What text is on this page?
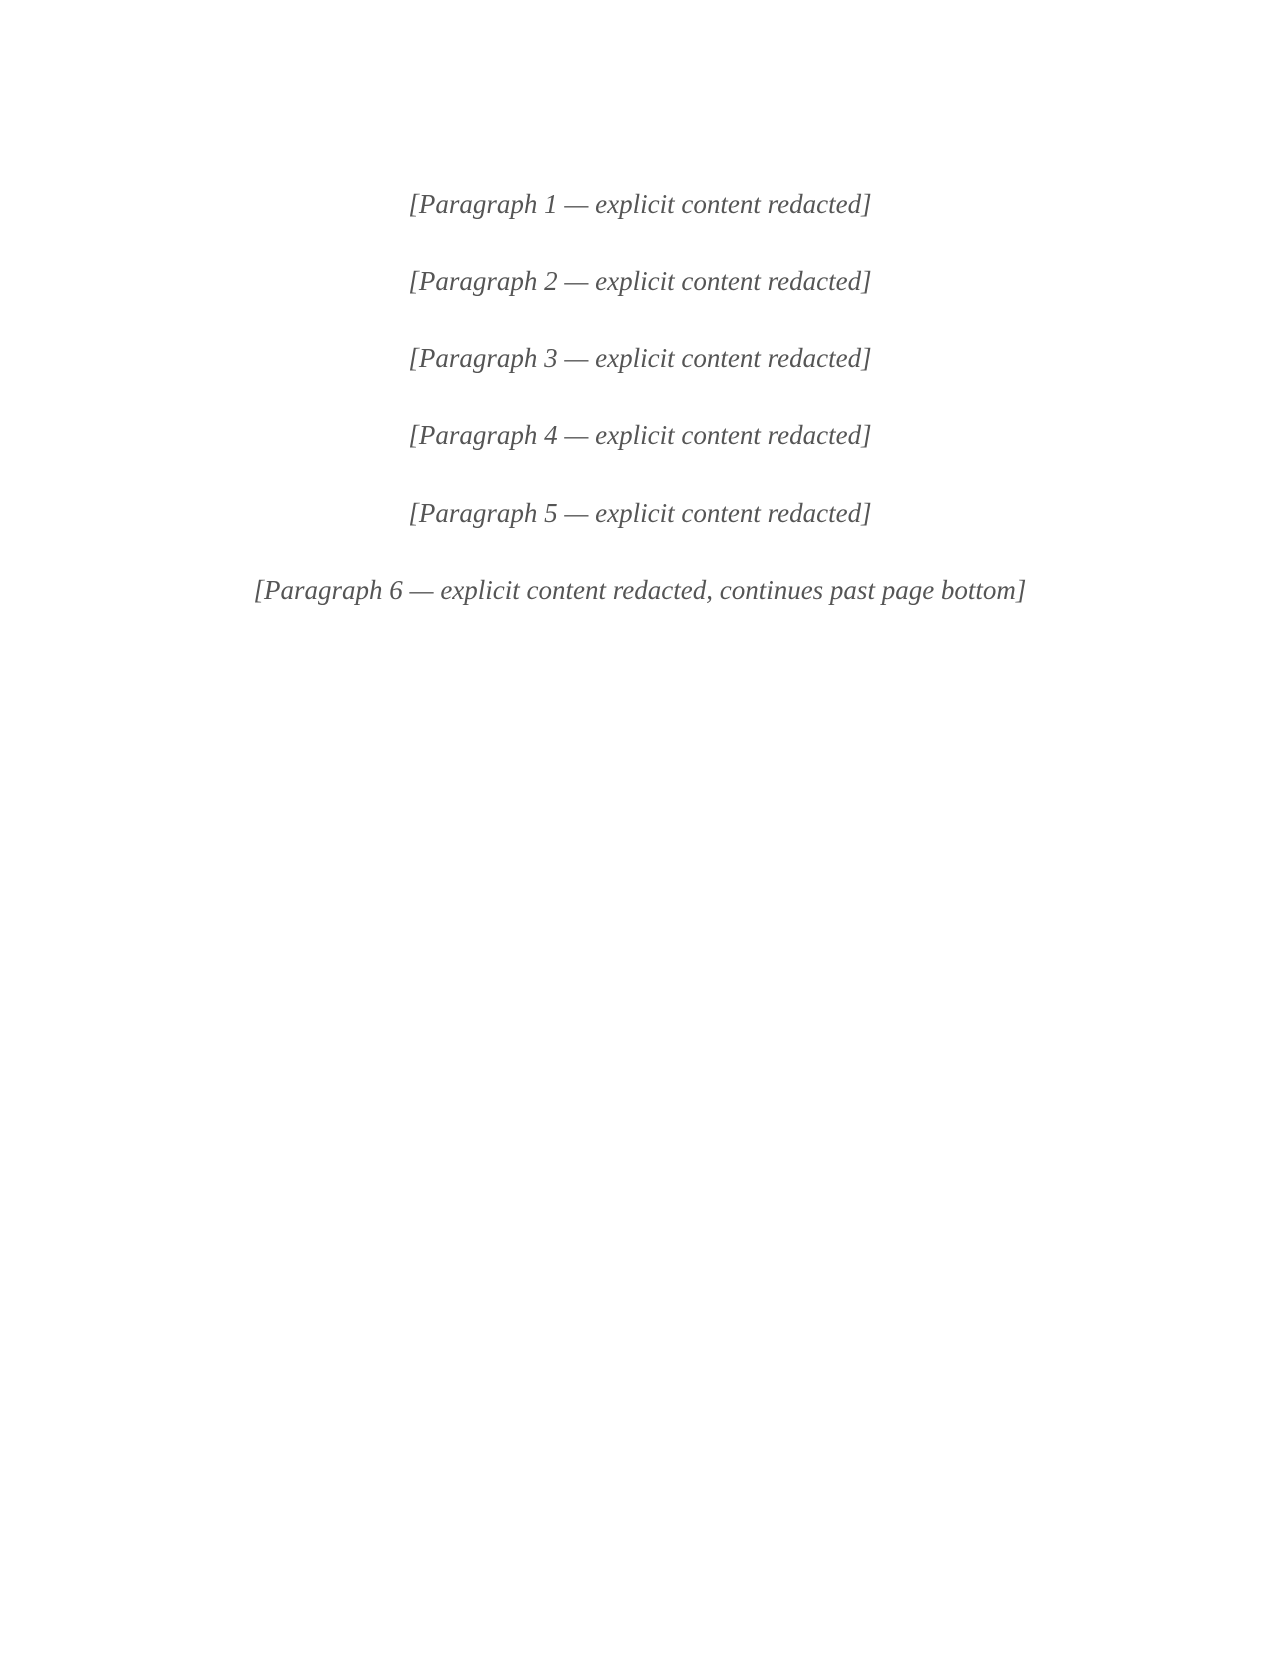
[Paragraph 1 — explicit content redacted]

[Paragraph 2 — explicit content redacted]

[Paragraph 3 — explicit content redacted]

[Paragraph 4 — explicit content redacted]

[Paragraph 5 — explicit content redacted]

[Paragraph 6 — explicit content redacted, continues past page bottom]
